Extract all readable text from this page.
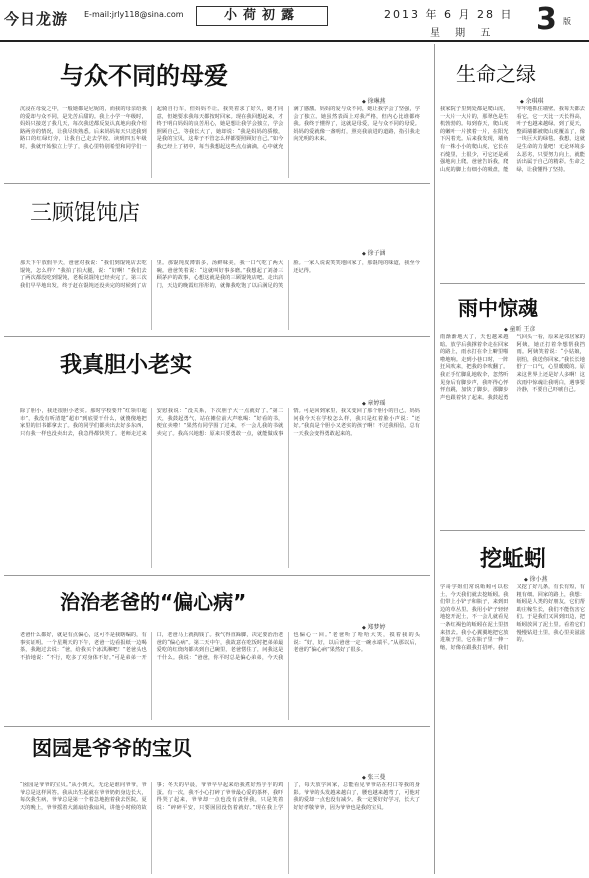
今日龙游 E-mail:jrly118@sina.com	小荷初露	2013 年 6 月 28 日
星 期 五 3 版
与众不同的母爱
◆ 徐琳燕
沉浸在母爱之中，一般她都是尼妮的，而我的母亲给我的爱却与众不同，是先苦后甜的。我上小学一年级时，妈妈只接送了我几天，每次我送都反复认真地向我介绍路两旁的情况，让我尽快熟悉。后来妈妈每天只送我到路口的红绿灯旁，让我自己走去学校。读到四五年级时，我就开始独立上学了，我心里特别希望和同学们一起骑自行车，但妈妈不让。我哭着求了好久，她才同意，但她要求我每天都按时回家。现在我回想起来，才终于明白妈妈的良苦用心，她是想让我学会独立，学会照顾自己。等我长大了，她却说：“我是妈妈的骄傲，是我的宝贝，这辈子不管怎么样都要照顾好自己。”如今我已经上了初中，每当我想起这些点点滴滴，心中就充满了感激。妈妈的爱与众不同，她让我学会了坚强，学会了独立。她虽然表面上对我严格，但内心比谁都疼我。我终于懂得了，这就是母爱，是与众不同的母爱。妈妈的爱就像一盏明灯，照亮我前进的道路，指引我走向光明的未来。
三顾馄饨店
◆ 徐子涵
那天下午放假半天，爸爸对我说：“我们到馄饨店去吃馄饨，怎么样？”我拍了拍大腿，说：“好啊！”我们去了两次都没吃到馄饨，老板说馄饨已经卖完了。第三次我们早早地出发，终于赶在馄饨还没卖完的时候到了店里。那馄饨皮薄馅多，汤鲜味美，我一口气吃了两大碗。爸爸笑着说：“这就叫好事多磨。”我想起了刘备三顾茅庐的故事，心想这就是我的三顾馄饨店吧。走出店门，天边的晚霞红彤彤的，就像我吃饱了以后满足的笑脸。一家人说说笑笑地回家了，那馄饨的味道，我至今还记得。
我真胆小老实
◆ 章婷瑶
除了胆小，我还很胆小老实。那时学校要开“红领巾超市”，我没有听清楚“超市”到底要干什么，就傻傻地把家里的旧书都拿去了。我的同学们都卖出去好多东西，只有我一样也没卖出去，我急得都快哭了。老师走过来安慰我说：“没关系，下次胆子大一点就好了。”第二天，我鼓起勇气，站在摊位前大声吆喝：“好看的书，便宜卖啦！”果然有同学围了过来，不一会儿我的书就卖完了。我高兴地想：原来只要勇敢一点，就能做成事情。可是回到家里，我又变回了那个胆小的自己，妈妈问我今天在学校怎么样，我只是红着脸小声说：“还好。”我真是个胆小又老实的孩子啊！不过我相信，总有一天我会变得勇敢起来的。
治治老爸的“偏心病”
◆ 郑梦婷
老爸什么都好，就是有点偏心，这可不是我瞎编的，有事实证明。一个星期天的下午，老爸一边看报纸一边喝茶，我跑过去说：“爸，给我买个冰淇淋吧！”老爸头也不抬地说：“不行，吃多了对身体不好。”可是弟弟一开口，老爸马上就掏钱了。我气得直跺脚，决定要治治老爸的“偏心病”。第二天中午，我故意在吃饭时把弟弟最爱吃的红烧肉都夹到自己碗里，老爸愣住了，问我这是干什么。我说：“爸爸，你平时总是偏心弟弟，今天我也偏心一回。”老爸听了哈哈大笑，摸着我的头说：“好，好，以后爸爸一定一碗水端平。”从那以后，老爸的“偏心病”果然好了很多。
囡园是爷爷的宝贝
◆ 张三曼
“囡园是爷爷的宝贝。”从小到大，无论是谁问爷爷，爷爷总是这样回答。我从出生起就在爷爷奶奶身边长大，每次我生病，爷爷总是第一个着急地抱着我去医院。夏天的晚上，爷爷摇着大蒲扇给我扇风，讲他小时候的故事；冬天的早晨，爷爷早早起来给我煮好热乎乎的鸡蛋。有一次，我不小心打碎了爷爷最心爱的茶杯，我吓得哭了起来，爷爷却一点也没有责怪我，只是笑着说：“碎碎平安，只要囡园没伤着就好。”现在我上学了，每天放学回家，总能看见爷爷站在村口等我的身影。爷爷的头发越来越白了，腰也越来越弯了，可他对我的爱却一点也没有减少。我一定要好好学习，长大了好好孝敬爷爷，因为爷爷也是我的宝贝。
生命之绿
◆ 余琪琪
我家院子里到处都是爬山虎，一大片一大片的，那翠色是生机勃勃的。每到春天，爬山虎的嫩叶一片挨着一片，在阳光下闪着光。后来我发现，墙角有一株小小的爬山虎，它长在石缝里，土很少，可它还是顽强地向上爬。爸爸告诉我，爬山虎的脚上有细小的吸盘，能牢牢地抓住墙壁。我每天都去看它，它一天比一天长得高，叶子也越来越绿。到了夏天，整面墙都被爬山虎覆盖了，像一块巨大的绿毯。我想，这就是生命的力量吧！无论环境多么恶劣，只要努力向上，就能活出属于自己的精彩。生命之绿，让我懂得了坚持。
雨中惊魂
◆ 童昕 王彦
雨渐渐地大了，天也越来越暗。放学后我撑着伞走在回家的路上，雨水打在伞上噼里啪啦地响。走到小巷口时，一阵狂风吹来，把我的伞吹翻了。我正手忙脚乱地收伞，忽然听见身后有脚步声，我吓得心怦怦直跳，加快了脚步。那脚步声也跟着快了起来。我鼓起勇气回头一看，原来是邻居家的阿姨，她正打着伞想帮我挡雨。阿姨笑着说：“小姑娘，别怕，我送你回家。”我长长地舒了一口气，心里暖暖的。原来这世界上还是好人多啊！这次雨中惊魂让我明白，遇事要冷静，不要自己吓唬自己。
挖蚯蚓
◆ 徐小燕
学哥学姐们常说蚯蚓可以松土，今天我们就去挖蚯蚓。我们带上小铲子和瓶子，来到田边的草丛里。我用小铲子轻轻地挖开泥土，不一会儿就看见一条红褐色的蚯蚓在泥土里扭来扭去。我小心翼翼地把它放进瓶子里，它在瓶子里一伸一缩，好像在跟我打招呼。我们又挖了好几条，有长有短，有粗有细。回家的路上，我想：蚯蚓是人类的好朋友，它们帮助庄稼生长，我们不能伤害它们。于是我们又回到田边，把蚯蚓放回了泥土里。看着它们慢慢钻进土里，我心里美滋滋的。
